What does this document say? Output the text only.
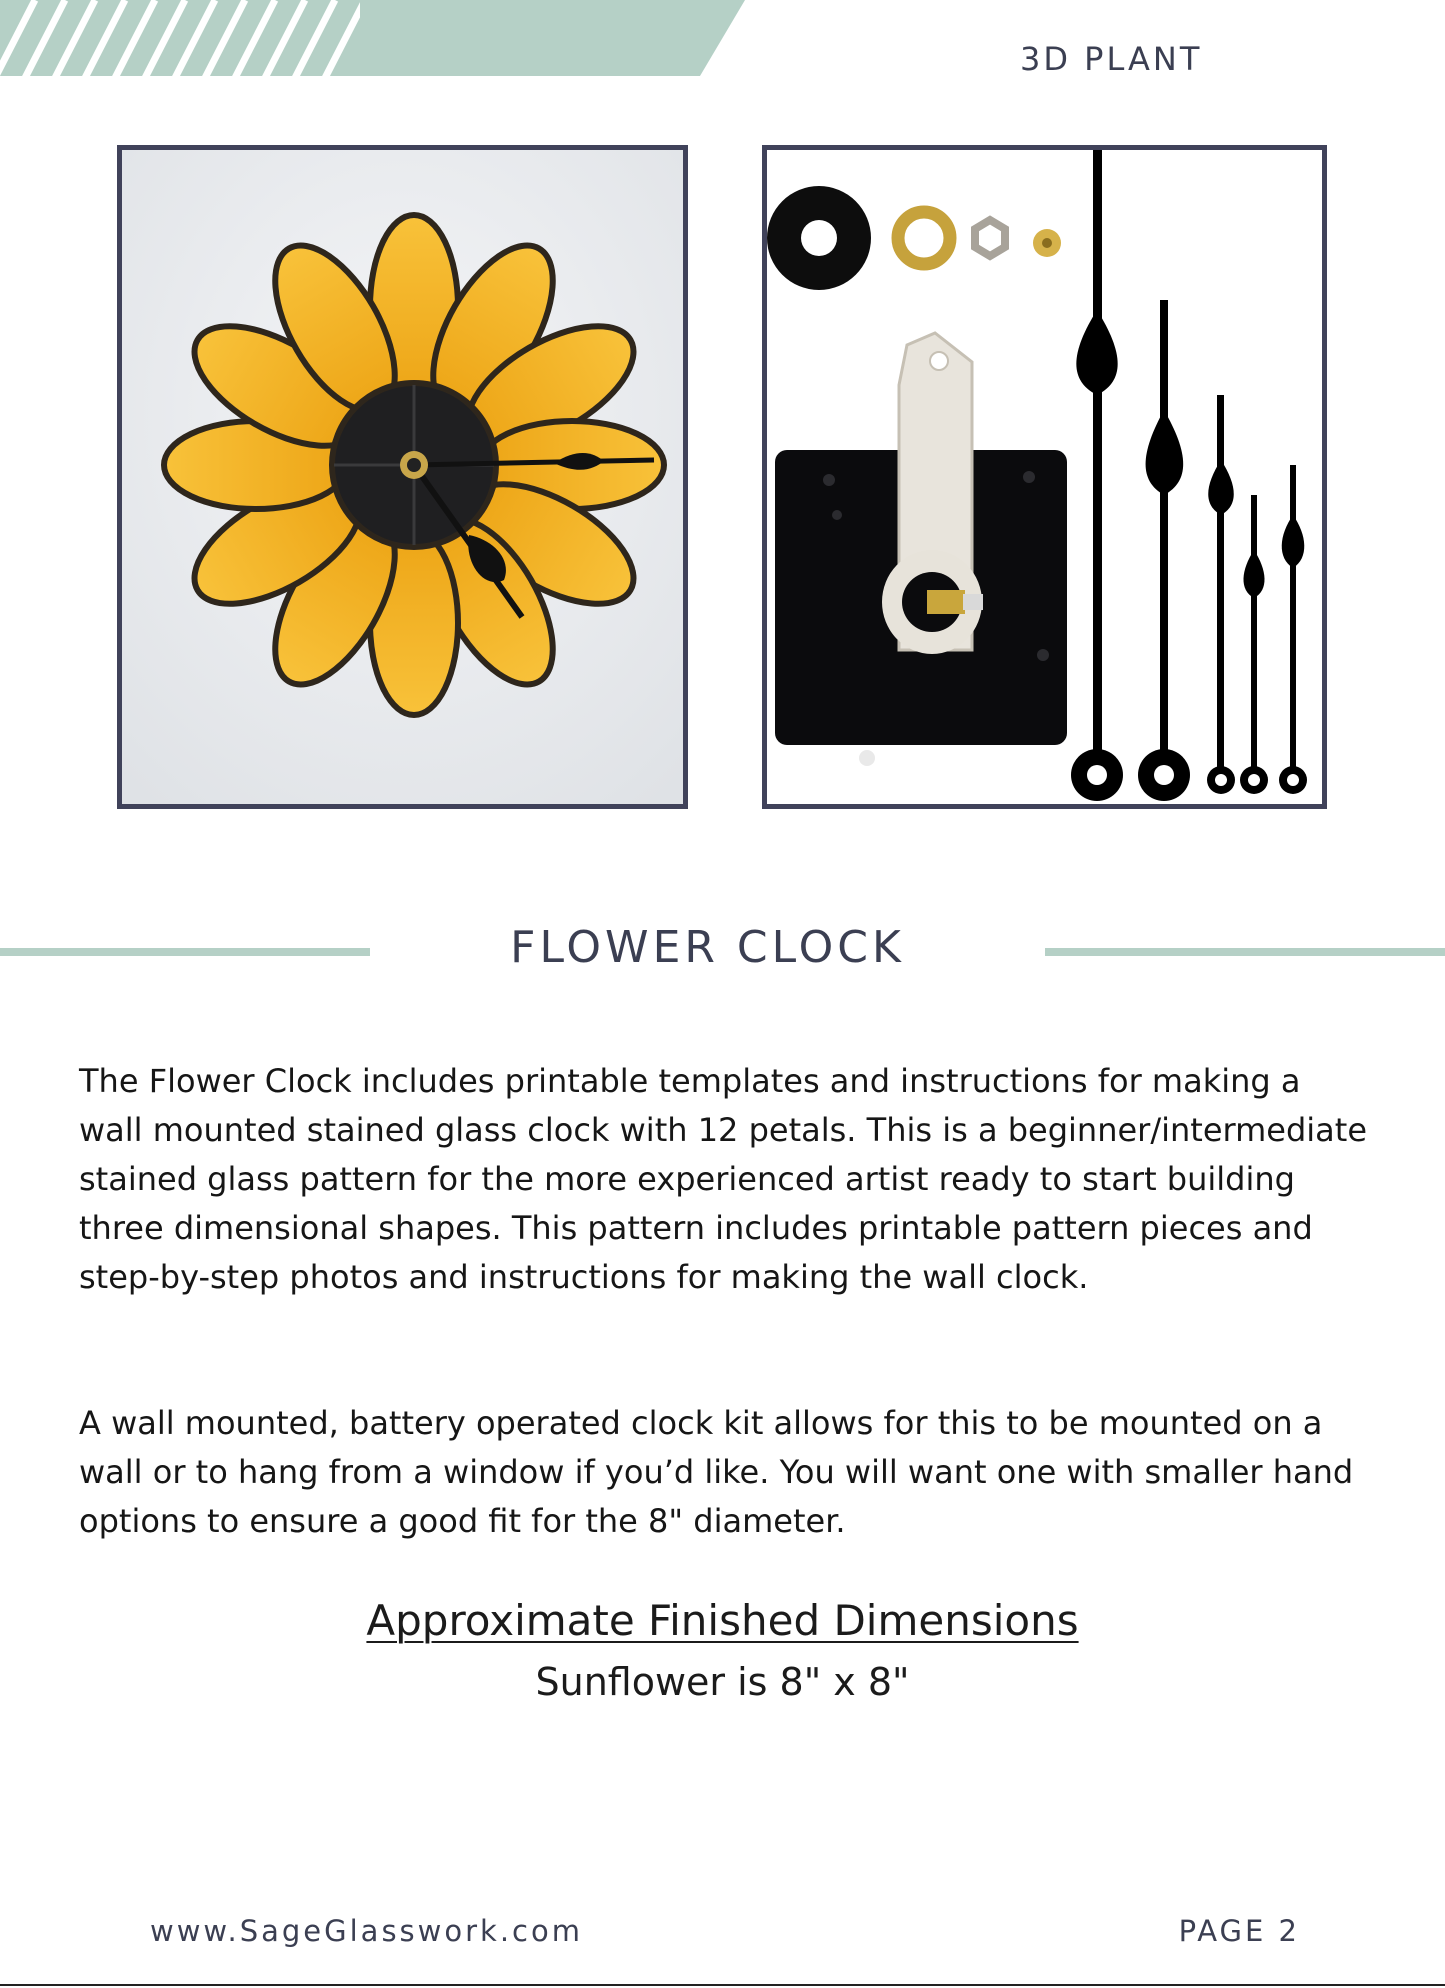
3D PLANT
FLOWER CLOCK

The Flower Clock includes printable templates and instructions for making a wall mounted stained glass clock with 12 petals. This is a beginner/intermediate stained glass pattern for the more experienced artist ready to start building three dimensional shapes. This pattern includes printable pattern pieces and step-by-step photos and instructions for making the wall clock.

A wall mounted, battery operated clock kit allows for this to be mounted on a wall or to hang from a window if you’d like. You will want one with smaller hand options to ensure a good fit for the 8" diameter.

Approximate Finished Dimensions
Sunflower is 8" x 8"
www.SageGlasswork.com	PAGE 2
